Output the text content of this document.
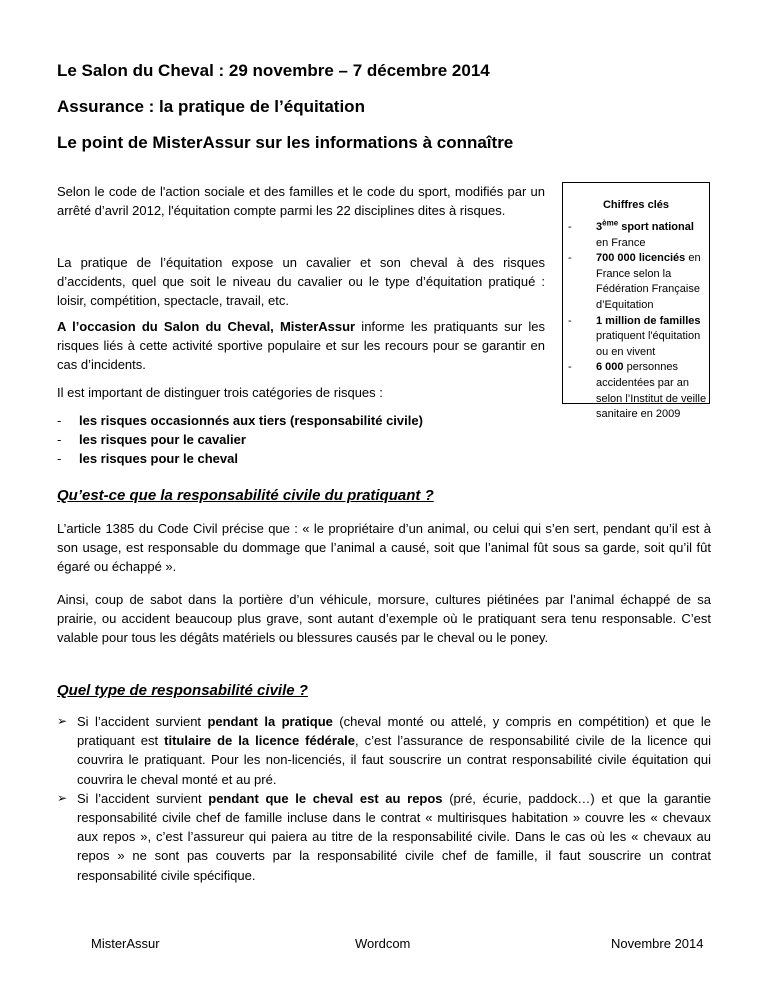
Le Salon du Cheval : 29 novembre – 7 décembre 2014
Assurance : la pratique de l’équitation
Le point de MisterAssur sur les informations à connaître
Selon le code de l'action sociale et des familles et le code du sport, modifiés par un arrêté d’avril 2012, l'équitation compte parmi les 22 disciplines dites à risques.
La pratique de l’équitation expose un cavalier et son cheval à des risques d’accidents, quel que soit le niveau du cavalier ou le type d’équitation pratiqué : loisir, compétition, spectacle, travail, etc.
A l’occasion du Salon du Cheval, MisterAssur informe les pratiquants sur les risques liés à cette activité sportive populaire et sur les recours pour se garantir en cas d’incidents.
Il est important de distinguer trois catégories de risques :
- les risques occasionnés aux tiers (responsabilité civile)
- les risques pour le cavalier
- les risques pour le cheval
Chiffres clés
- 3ème sport national en France
- 700 000 licenciés en France selon la Fédération Française d’Equitation
- 1 million de familles pratiquent l'équitation ou en vivent
- 6 000 personnes accidentées par an selon l’Institut de veille sanitaire en 2009
Qu’est-ce que la responsabilité civile du pratiquant ?
L’article 1385 du Code Civil précise que : « le propriétaire d’un animal, ou celui qui s’en sert, pendant qu’il est à son usage, est responsable du dommage que l’animal a causé, soit que l’animal fût sous sa garde, soit qu’il fût égaré ou échappé ».
Ainsi, coup de sabot dans la portière d’un véhicule, morsure, cultures piétinées par l’animal échappé de sa prairie, ou accident beaucoup plus grave, sont autant d’exemple où le pratiquant sera tenu responsable. C’est valable pour tous les dégâts matériels ou blessures causés par le cheval ou le poney.
Quel type de responsabilité civile ?
➢ Si l’accident survient pendant la pratique (cheval monté ou attelé, y compris en compétition) et que le pratiquant est titulaire de la licence fédérale, c’est l’assurance de responsabilité civile de la licence qui couvrira le pratiquant. Pour les non-licenciés, il faut souscrire un contrat responsabilité civile équitation qui couvrira le cheval monté et au pré.
➢ Si l’accident survient pendant que le cheval est au repos (pré, écurie, paddock…) et que la garantie responsabilité civile chef de famille incluse dans le contrat « multirisques habitation » couvre les « chevaux aux repos », c’est l’assureur qui paiera au titre de la responsabilité civile. Dans le cas où les « chevaux au repos » ne sont pas couverts par la responsabilité civile chef de famille, il faut souscrire un contrat responsabilité civile spécifique.
MisterAssur	Wordcom	Novembre 2014
